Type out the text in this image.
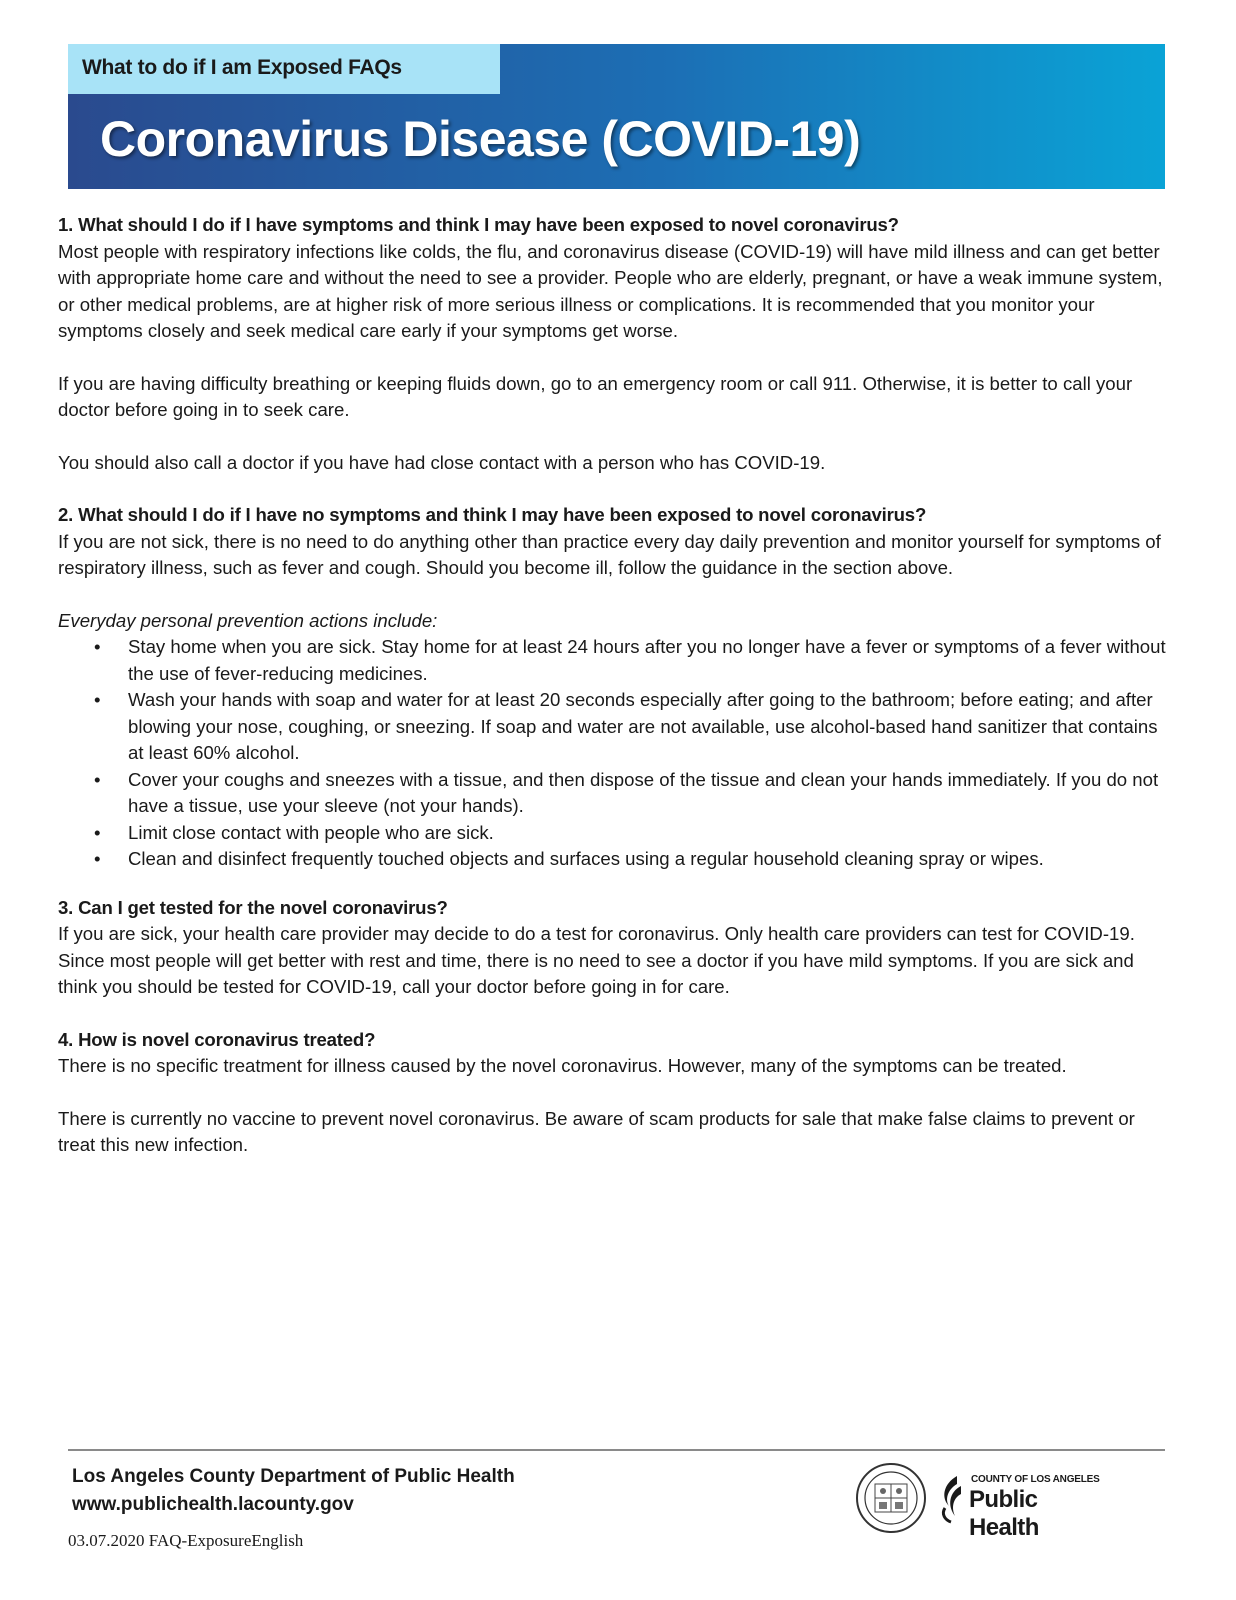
What to do if I am Exposed FAQs
Coronavirus Disease (COVID-19)

1. What should I do if I have symptoms and think I may have been exposed to novel coronavirus?

Most people with respiratory infections like colds, the flu, and coronavirus disease (COVID-19) will have mild illness and can get better with appropriate home care and without the need to see a provider. People who are elderly, pregnant, or have a weak immune system, or other medical problems, are at higher risk of more serious illness or complications. It is recommended that you monitor your symptoms closely and seek medical care early if your symptoms get worse.

If you are having difficulty breathing or keeping fluids down, go to an emergency room or call 911. Otherwise, it is better to call your doctor before going in to seek care.

You should also call a doctor if you have had close contact with a person who has COVID-19.

2. What should I do if I have no symptoms and think I may have been exposed to novel coronavirus?

If you are not sick, there is no need to do anything other than practice every day daily prevention and monitor yourself for symptoms of respiratory illness, such as fever and cough. Should you become ill, follow the guidance in the section above.

Everyday personal prevention actions include:

• Stay home when you are sick. Stay home for at least 24 hours after you no longer have a fever or symptoms of a fever without the use of fever-reducing medicines.
• Wash your hands with soap and water for at least 20 seconds especially after going to the bathroom; before eating; and after blowing your nose, coughing, or sneezing. If soap and water are not available, use alcohol-based hand sanitizer that contains at least 60% alcohol.
• Cover your coughs and sneezes with a tissue, and then dispose of the tissue and clean your hands immediately. If you do not have a tissue, use your sleeve (not your hands).
• Limit close contact with people who are sick.
• Clean and disinfect frequently touched objects and surfaces using a regular household cleaning spray or wipes.

3. Can I get tested for the novel coronavirus?

If you are sick, your health care provider may decide to do a test for coronavirus. Only health care providers can test for COVID-19. Since most people will get better with rest and time, there is no need to see a doctor if you have mild symptoms. If you are sick and think you should be tested for COVID-19, call your doctor before going in for care.

4. How is novel coronavirus treated?

There is no specific treatment for illness caused by the novel coronavirus. However, many of the symptoms can be treated.

There is currently no vaccine to prevent novel coronavirus. Be aware of scam products for sale that make false claims to prevent or treat this new infection.

Los Angeles County Department of Public Health
www.publichealth.lacounty.gov
03.07.2020 FAQ-ExposureEnglish
COUNTY OF LOS ANGELES
Public Health
